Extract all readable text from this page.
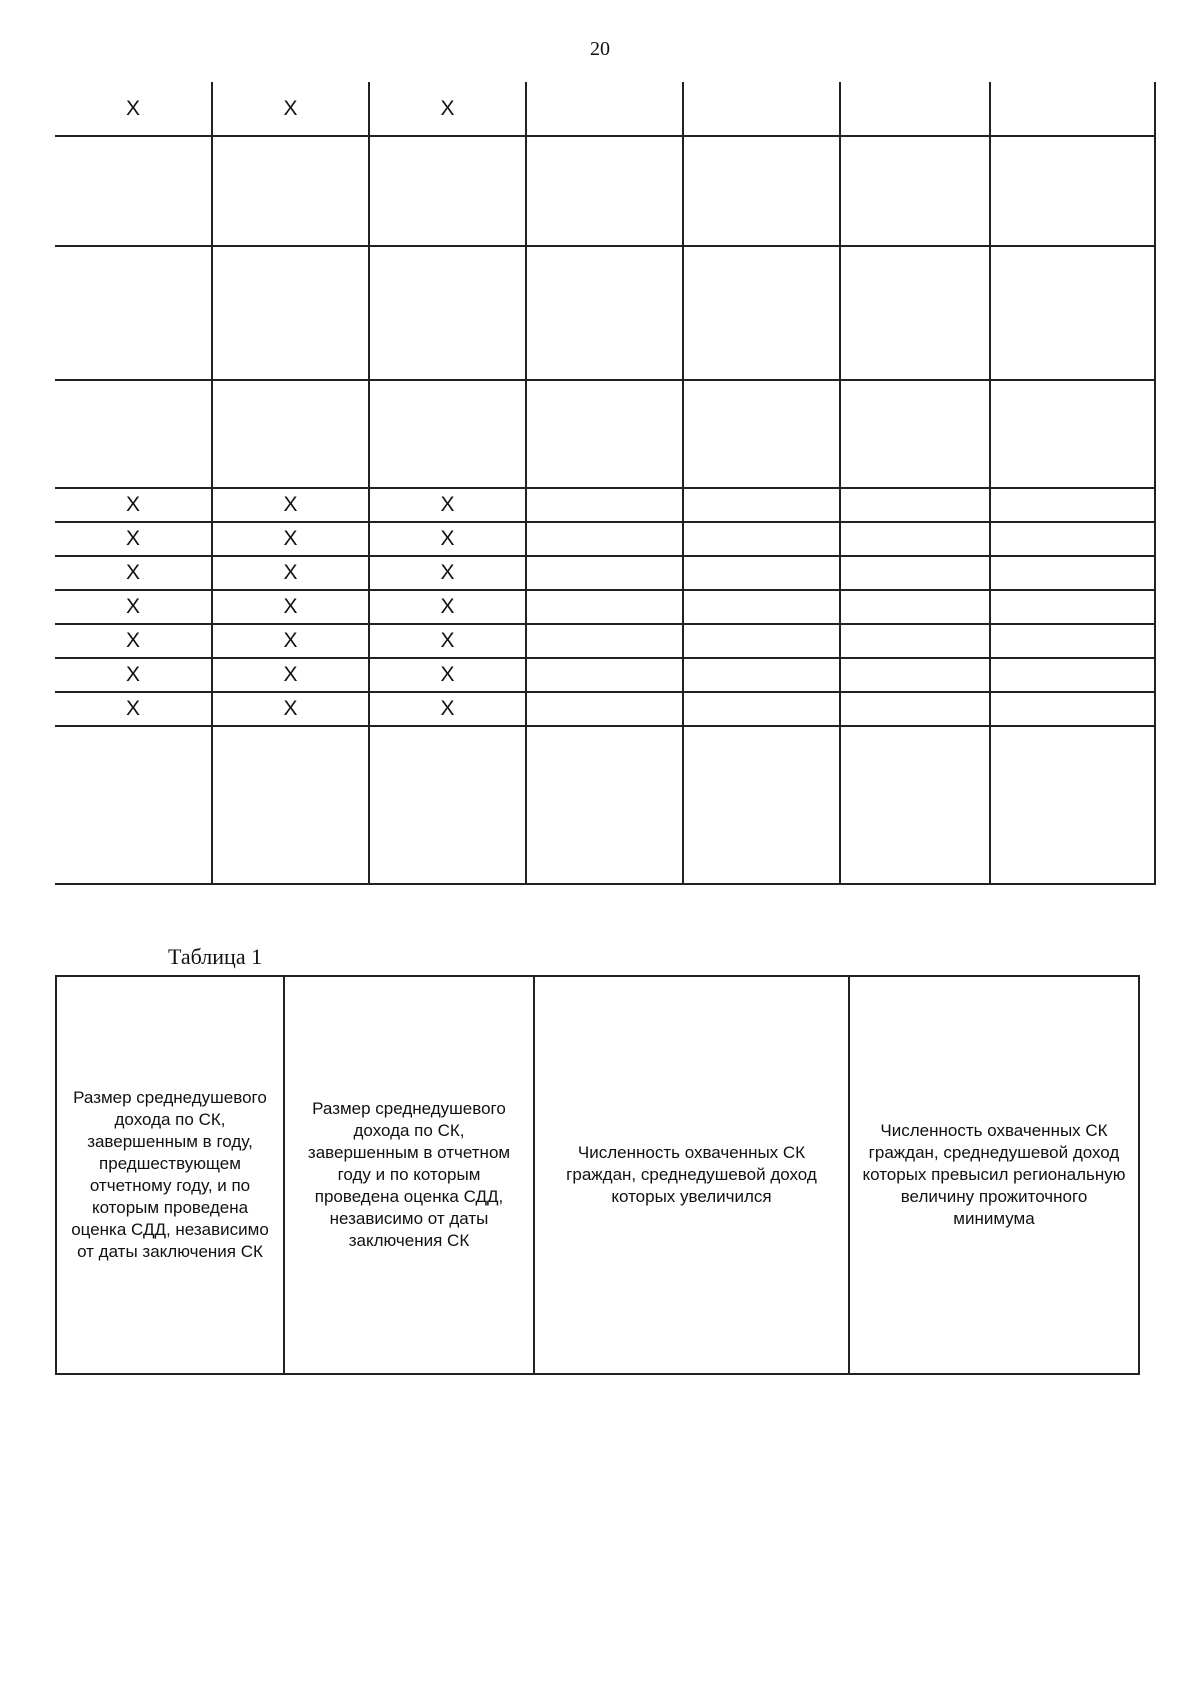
20
X	X	X				

X	X	X				
X	X	X				
X	X	X				
X	X	X				
X	X	X				
X	X	X				
X	X	X				

Таблица 1
Размер среднедушевого дохода по СК, завершенным в году, предшествующем отчетному году, и по которым проведена оценка СДД, независимо от даты заключения СК	Размер среднедушевого дохода по СК, завершенным в отчетном году и по которым проведена оценка СДД, независимо от даты заключения СК	Численность охваченных СК граждан, среднедушевой доход которых увеличился	Численность охваченных СК граждан, среднедушевой доход которых превысил региональную величину прожиточного минимума
